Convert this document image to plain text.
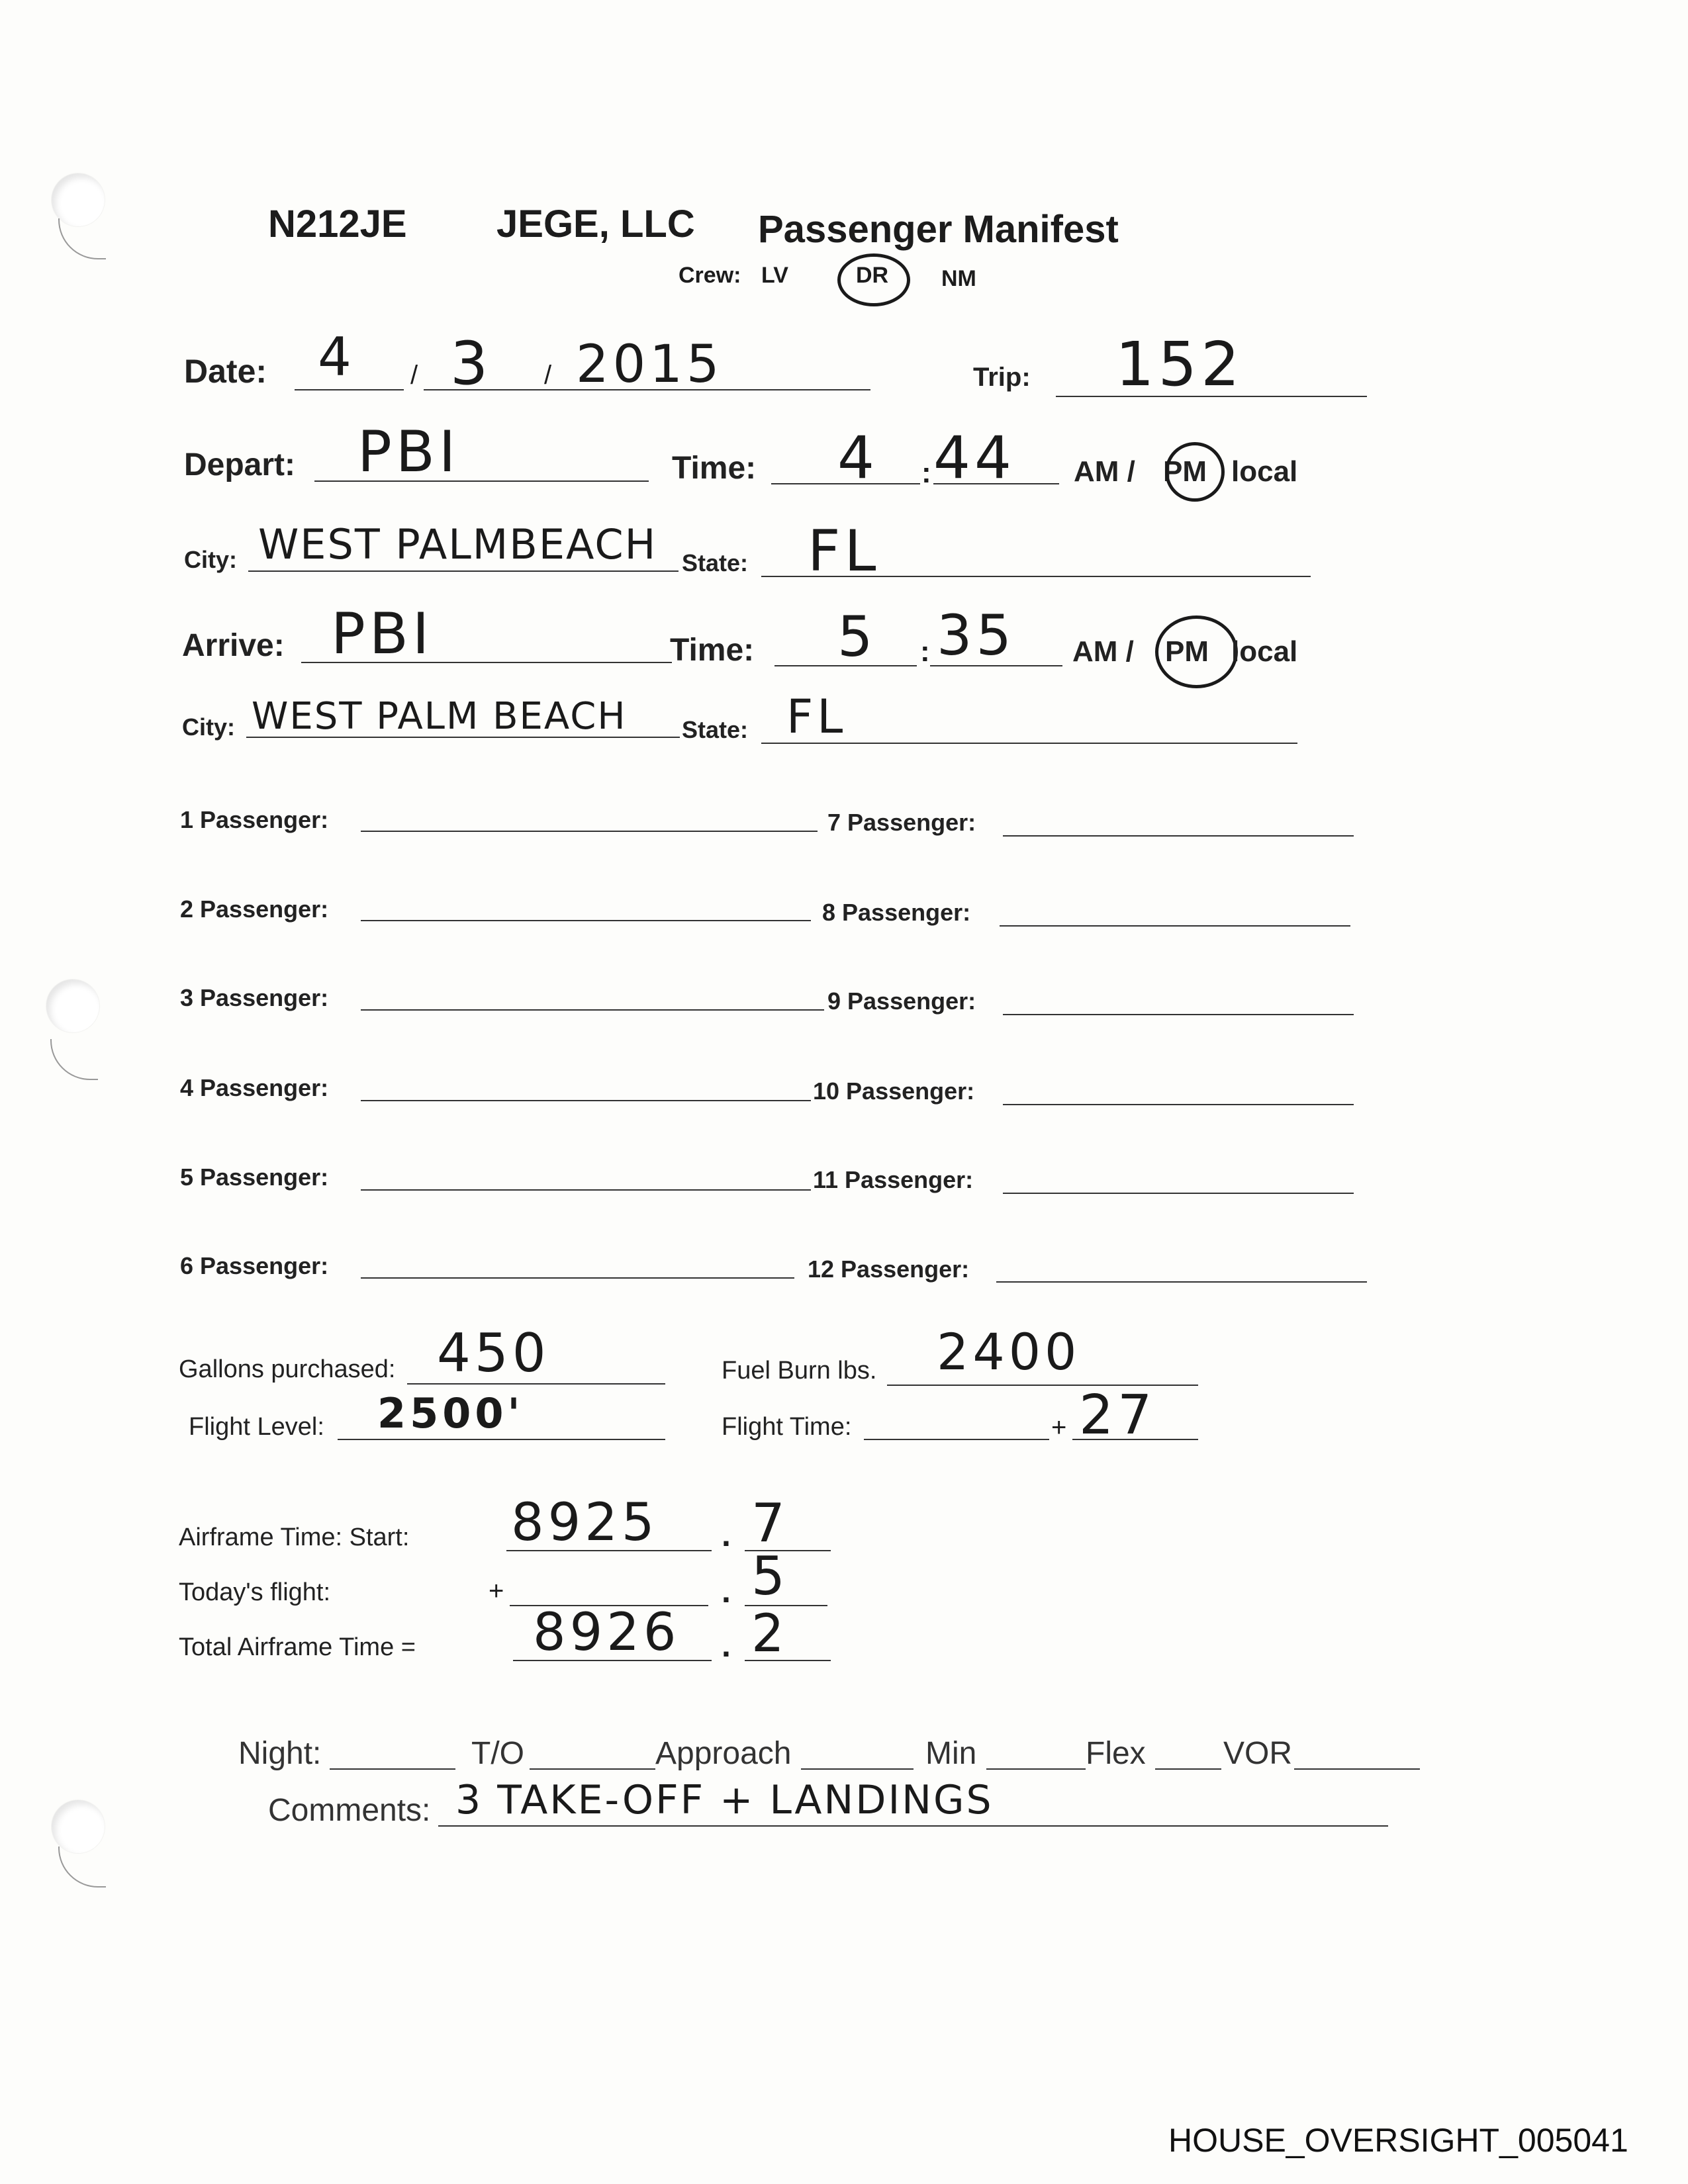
N212JE JEGE, LLC Passenger Manifest
Crew: LV	DR NM
Date: 4 / 3 / 2015	Trip: 152
Depart: PBI	Time: 4 : 44 AM / PM local
City: WEST PALMBEACH State: FL
Arrive: PBI	Time: 5 : 35 AM / PM local
City: WEST PALM BEACH State: FL
1 Passenger:	7 Passenger:
2 Passenger:	8 Passenger:
3 Passenger:	9 Passenger:
4 Passenger:	10 Passenger:
5 Passenger:	11 Passenger:
6 Passenger:	12 Passenger:
Gallons purchased: 450	Fuel Burn lbs. 2400
Flight Level: 2500'	Flight Time:	+ 27
Airframe Time: Start: 8925 . 7
Today's flight:	+	. 5
Total Airframe Time = 8926 . 2
Night:	T/O	Approach	Min	Flex VOR
Comments: 3 TAKE-OFF + LANDINGS
HOUSE_OVERSIGHT_005041
